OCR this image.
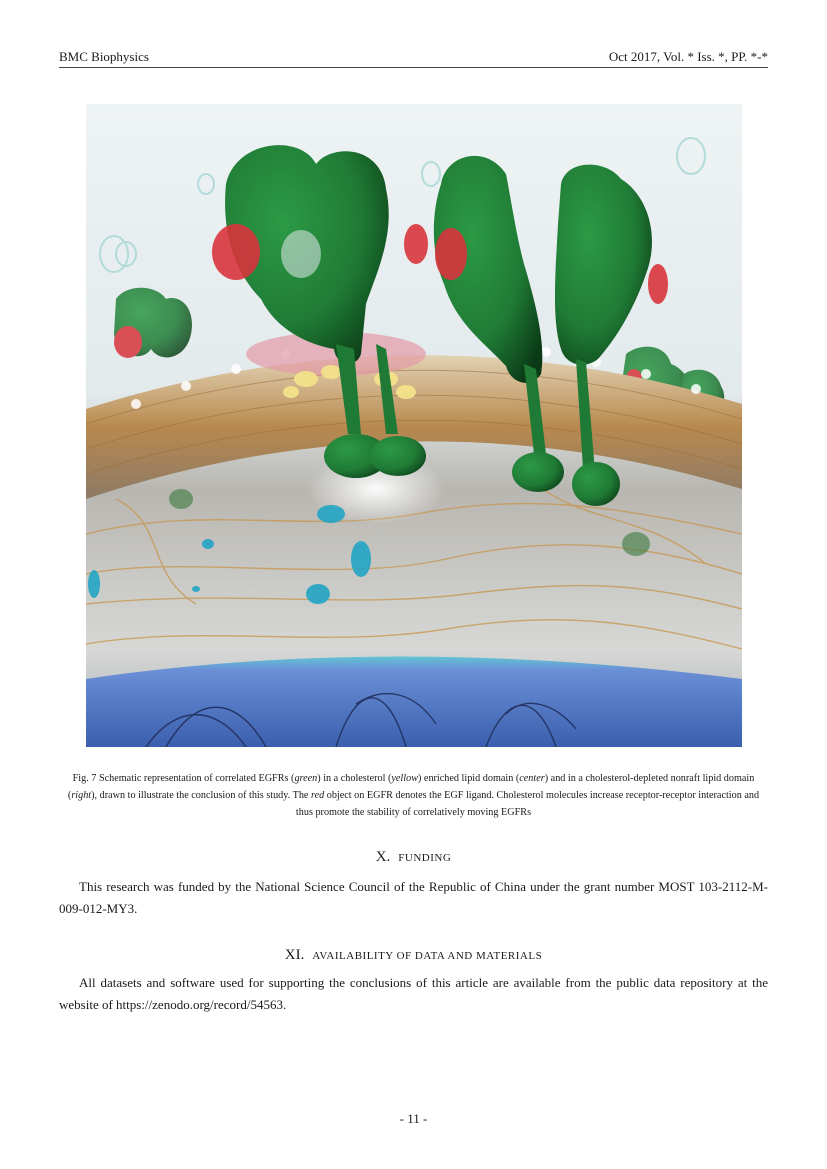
BMC Biophysics	Oct 2017, Vol. * Iss. *, PP. *-*
Fig. 7 Schematic representation of correlated EGFRs (green) in a cholesterol (yellow) enriched lipid domain (center) and in a cholesterol-depleted nonraft lipid domain (right), drawn to illustrate the conclusion of this study. The red object on EGFR denotes the EGF ligand. Cholesterol molecules increase receptor-receptor interaction and thus promote the stability of correlatively moving EGFRs
X. FUNDING
This research was funded by the National Science Council of the Republic of China under the grant number MOST 103-2112-M-009-012-MY3.
XI. AVAILABILITY OF DATA AND MATERIALS
All datasets and software used for supporting the conclusions of this article are available from the public data repository at the website of https://zenodo.org/record/54563.
- 11 -
